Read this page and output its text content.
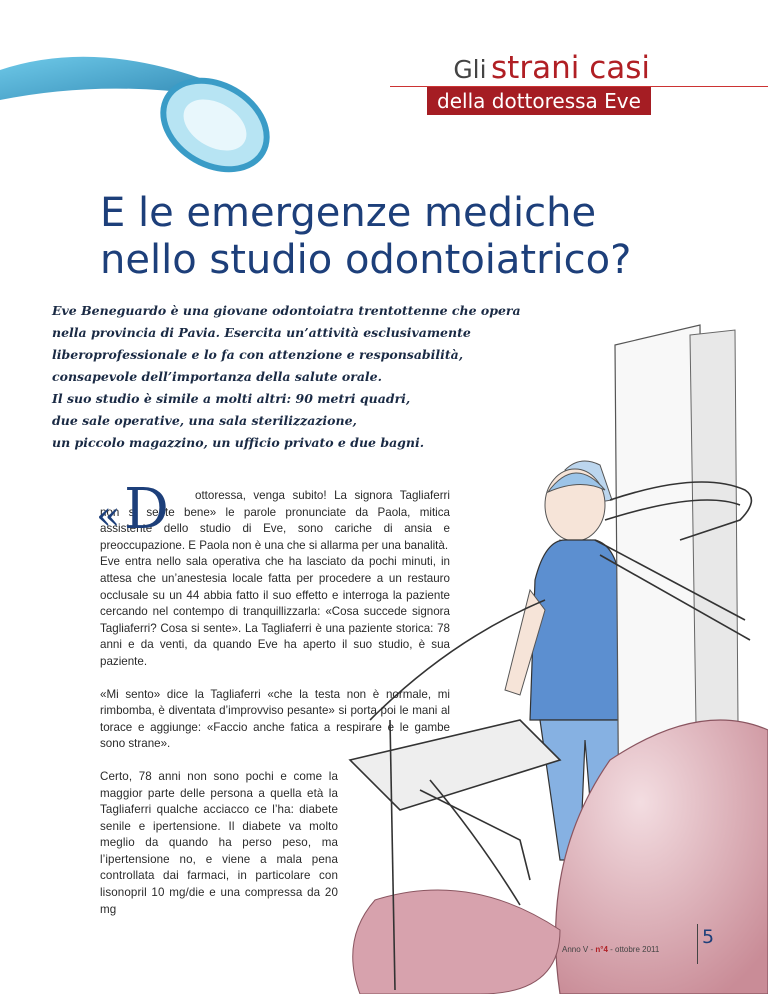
Gli strani casi
della dottoressa Eve
E le emergenze mediche
nello studio odontoiatrico?
Eve Beneguardo è una giovane odontoiatra trentottenne che opera
nella provincia di Pavia. Esercita un’attività esclusivamente
liberoprofessionale e lo fa con attenzione e responsabilità,
consapevole dell’importanza della salute orale.
Il suo studio è simile a molti altri: 90 metri quadri,
due sale operative, una sala sterilizzazione,
un piccolo magazzino, un ufficio privato e due bagni.
« D	ottoressa, venga subito! La signora Tagliaferri non si sente bene» le parole pronunciate da Paola, mitica assistente dello studio di Eve, sono cariche di ansia e preoccupazione. E Paola non è una che si allarma per una banalità.

Eve entra nello sala operativa che ha lasciato da pochi minuti, in attesa che un’anestesia locale fatta per procedere a un restauro occlusale su un 44 abbia fatto il suo effetto e interroga la paziente cercando nel contempo di tranquillizzarla: «Cosa succede signora Tagliaferri? Cosa si sente». La Tagliaferri è una paziente storica: 78 anni e da venti, da quando Eve ha aperto il suo studio, è sua paziente.

«Mi sento» dice la Tagliaferri «che la testa non è normale, mi rimbomba, è diventata d’improvviso pesante» si porta poi le mani al torace e aggiunge: «Faccio anche fatica a respirare e le gambe sono strane».

Certo, 78 anni non sono pochi e come la maggior parte delle persona a quella età la Tagliaferri qualche acciacco ce l’ha: diabete senile e ipertensione. Il diabete va molto meglio da quando ha perso peso, ma l’ipertensione no, e viene a mala pena controllata dai farmaci, in particolare con lisonopril 10 mg/die e una compressa da 20 mg

Anno V - n°4 - ottobre 2011
5
